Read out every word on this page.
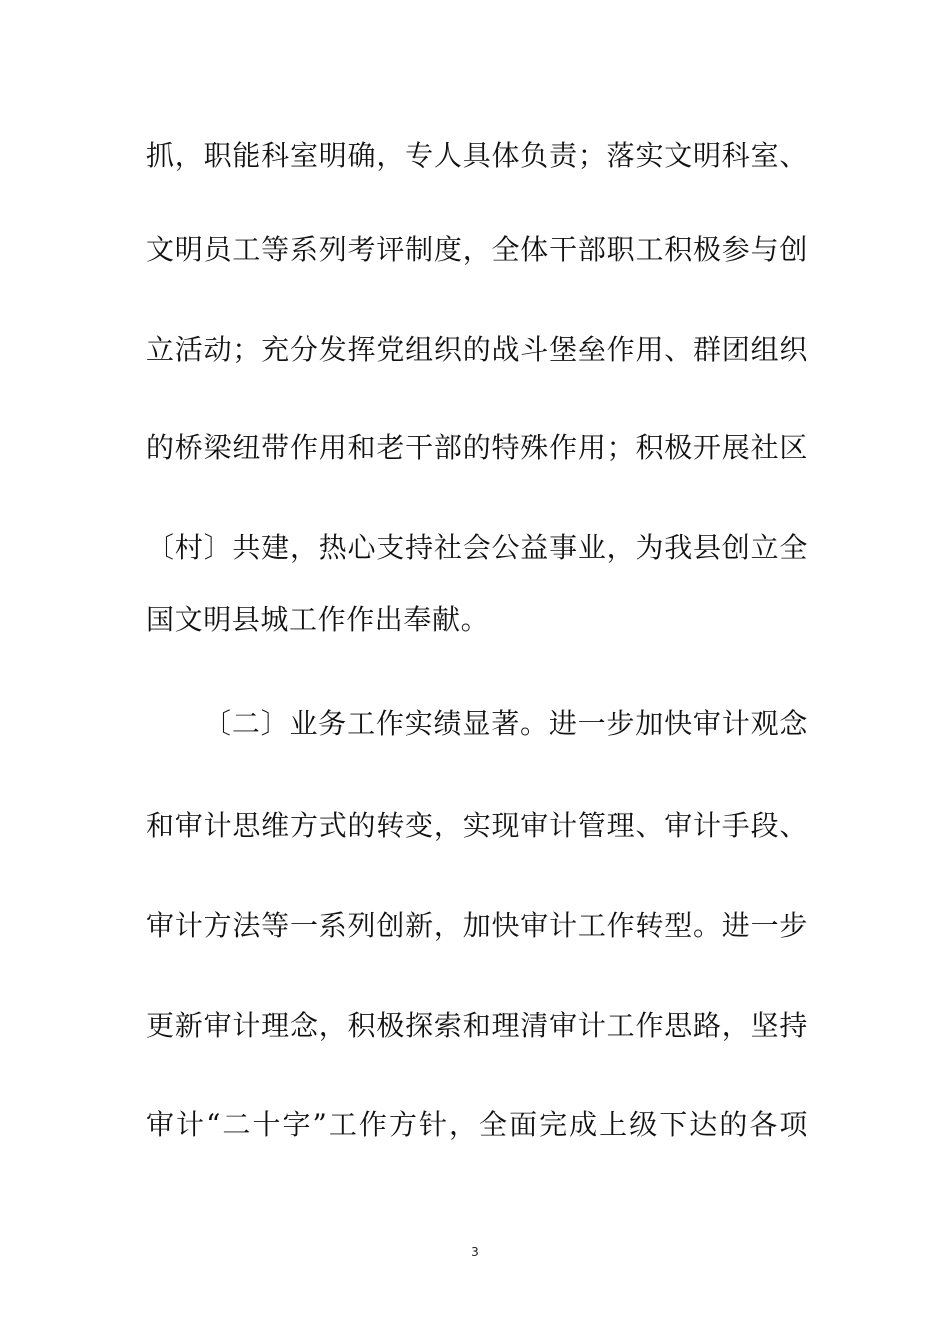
抓，职能科室明确，专人具体负责；落实文明科室、
文明员工等系列考评制度，全体干部职工积极参与创
立活动；充分发挥党组织的战斗堡垒作用、群团组织
的桥梁纽带作用和老干部的特殊作用；积极开展社区
〔村〕共建，热心支持社会公益事业，为我县创立全
国文明县城工作作出奉献。
〔二〕业务工作实绩显著。进一步加快审计观念
和审计思维方式的转变，实现审计管理、审计手段、
审计方法等一系列创新，加快审计工作转型。进一步
更新审计理念，积极探索和理清审计工作思路，坚持
审计“二十字”工作方针，全面完成上级下达的各项
3
